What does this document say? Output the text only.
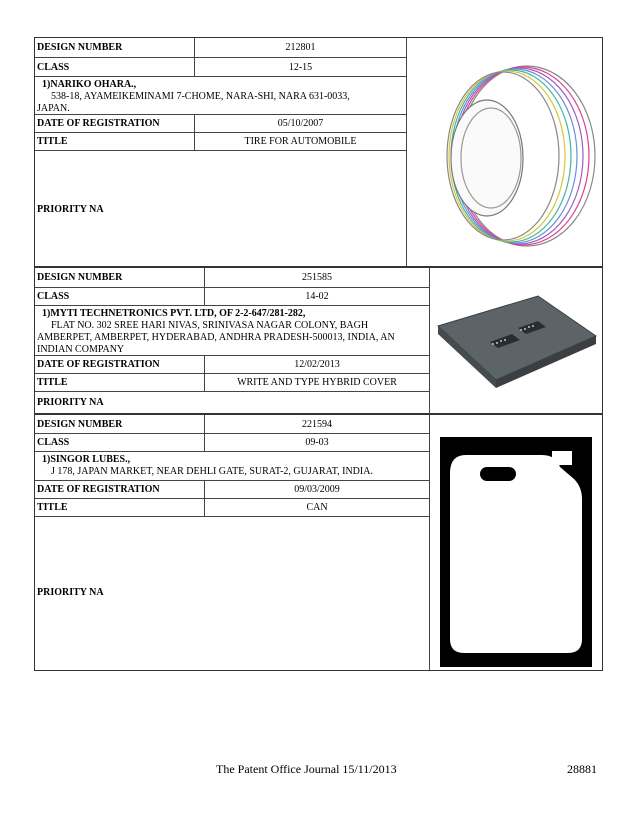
DESIGN NUMBER	212801
CLASS	12-15
1)NARIKO OHARA.,
538-18, AYAMEIKEMINAMI 7-CHOME, NARA-SHI, NARA 631-0033,
JAPAN.
DATE OF REGISTRATION	05/10/2007
TITLE	TIRE FOR AUTOMOBILE
PRIORITY NA
DESIGN NUMBER	251585
CLASS	14-02
1)MYTI TECHNETRONICS PVT. LTD, OF 2-2-647/281-282,
FLAT NO. 302 SREE HARI NIVAS, SRINIVASA NAGAR COLONY, BAGH
AMBERPET, AMBERPET, HYDERABAD, ANDHRA PRADESH-500013, INDIA, AN
INDIAN COMPANY
DATE OF REGISTRATION	12/02/2013
TITLE	WRITE AND TYPE HYBRID COVER
PRIORITY NA
DESIGN NUMBER	221594
CLASS	09-03
1)SINGOR LUBES.,
J 178, JAPAN MARKET, NEAR DEHLI GATE, SURAT-2, GUJARAT, INDIA.
DATE OF REGISTRATION	09/03/2009
TITLE	CAN
PRIORITY NA
The Patent Office Journal 15/11/2013	28881
